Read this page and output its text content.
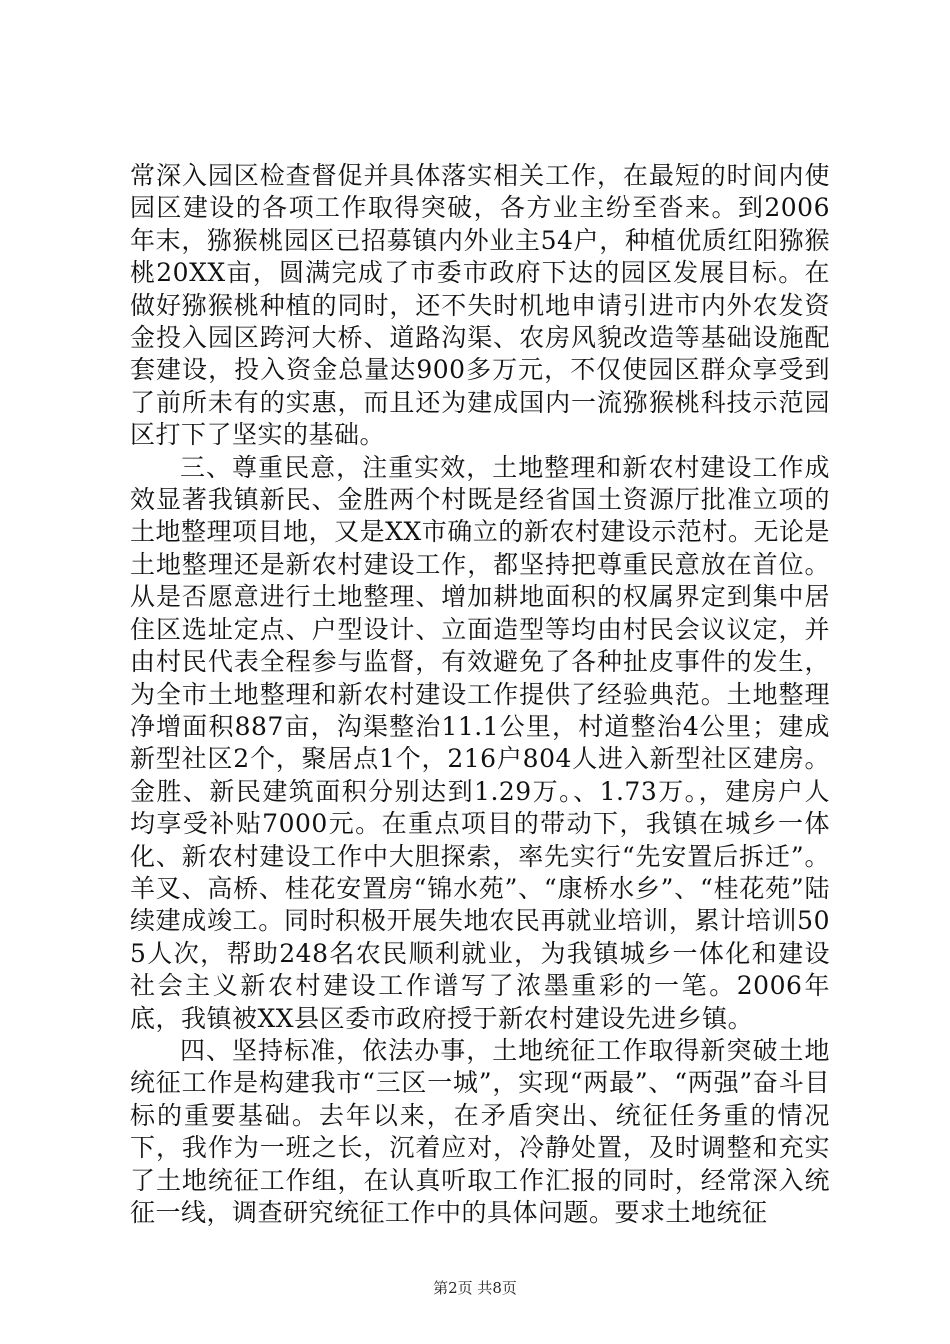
常深入园区检查督促并具体落实相关工作，在最短的时间内使园区建设的各项工作取得突破，各方业主纷至沓来。到2006年末，猕猴桃园区已招募镇内外业主54户，种植优质红阳猕猴桃20XX亩，圆满完成了市委市政府下达的园区发展目标。在做好猕猴桃种植的同时，还不失时机地申请引进市内外农发资金投入园区跨河大桥、道路沟渠、农房风貌改造等基础设施配套建设，投入资金总量达900多万元，不仅使园区群众享受到了前所未有的实惠，而且还为建成国内一流猕猴桃科技示范园区打下了坚实的基础。

三、尊重民意，注重实效，土地整理和新农村建设工作成效显著我镇新民、金胜两个村既是经省国土资源厅批准立项的土地整理项目地，又是XX市确立的新农村建设示范村。无论是土地整理还是新农村建设工作，都坚持把尊重民意放在首位。从是否愿意进行土地整理、增加耕地面积的权属界定到集中居住区选址定点、户型设计、立面造型等均由村民会议议定，并由村民代表全程参与监督，有效避免了各种扯皮事件的发生，为全市土地整理和新农村建设工作提供了经验典范。土地整理净增面积887亩，沟渠整治11.1公里，村道整治4公里；建成新型社区2个，聚居点1个，216户804人进入新型社区建房。金胜、新民建筑面积分别达到1.29万。、1.73万。，建房户人均享受补贴7000元。在重点项目的带动下，我镇在城乡一体化、新农村建设工作中大胆探索，率先实行“先安置后拆迁”。羊叉、高桥、桂花安置房“锦水苑”、“康桥水乡”、“桂花苑”陆续建成竣工。同时积极开展失地农民再就业培训，累计培训505人次，帮助248名农民顺利就业，为我镇城乡一体化和建设社会主义新农村建设工作谱写了浓墨重彩的一笔。2006年底，我镇被XX县区委市政府授于新农村建设先进乡镇。

四、坚持标准，依法办事，土地统征工作取得新突破土地统征工作是构建我市“三区一城”，实现“两最”、“两强”奋斗目标的重要基础。去年以来，在矛盾突出、统征任务重的情况下，我作为一班之长，沉着应对，冷静处置，及时调整和充实了土地统征工作组，在认真听取工作汇报的同时，经常深入统征一线，调查研究统征工作中的具体问题。要求土地统征

第2页 共8页
